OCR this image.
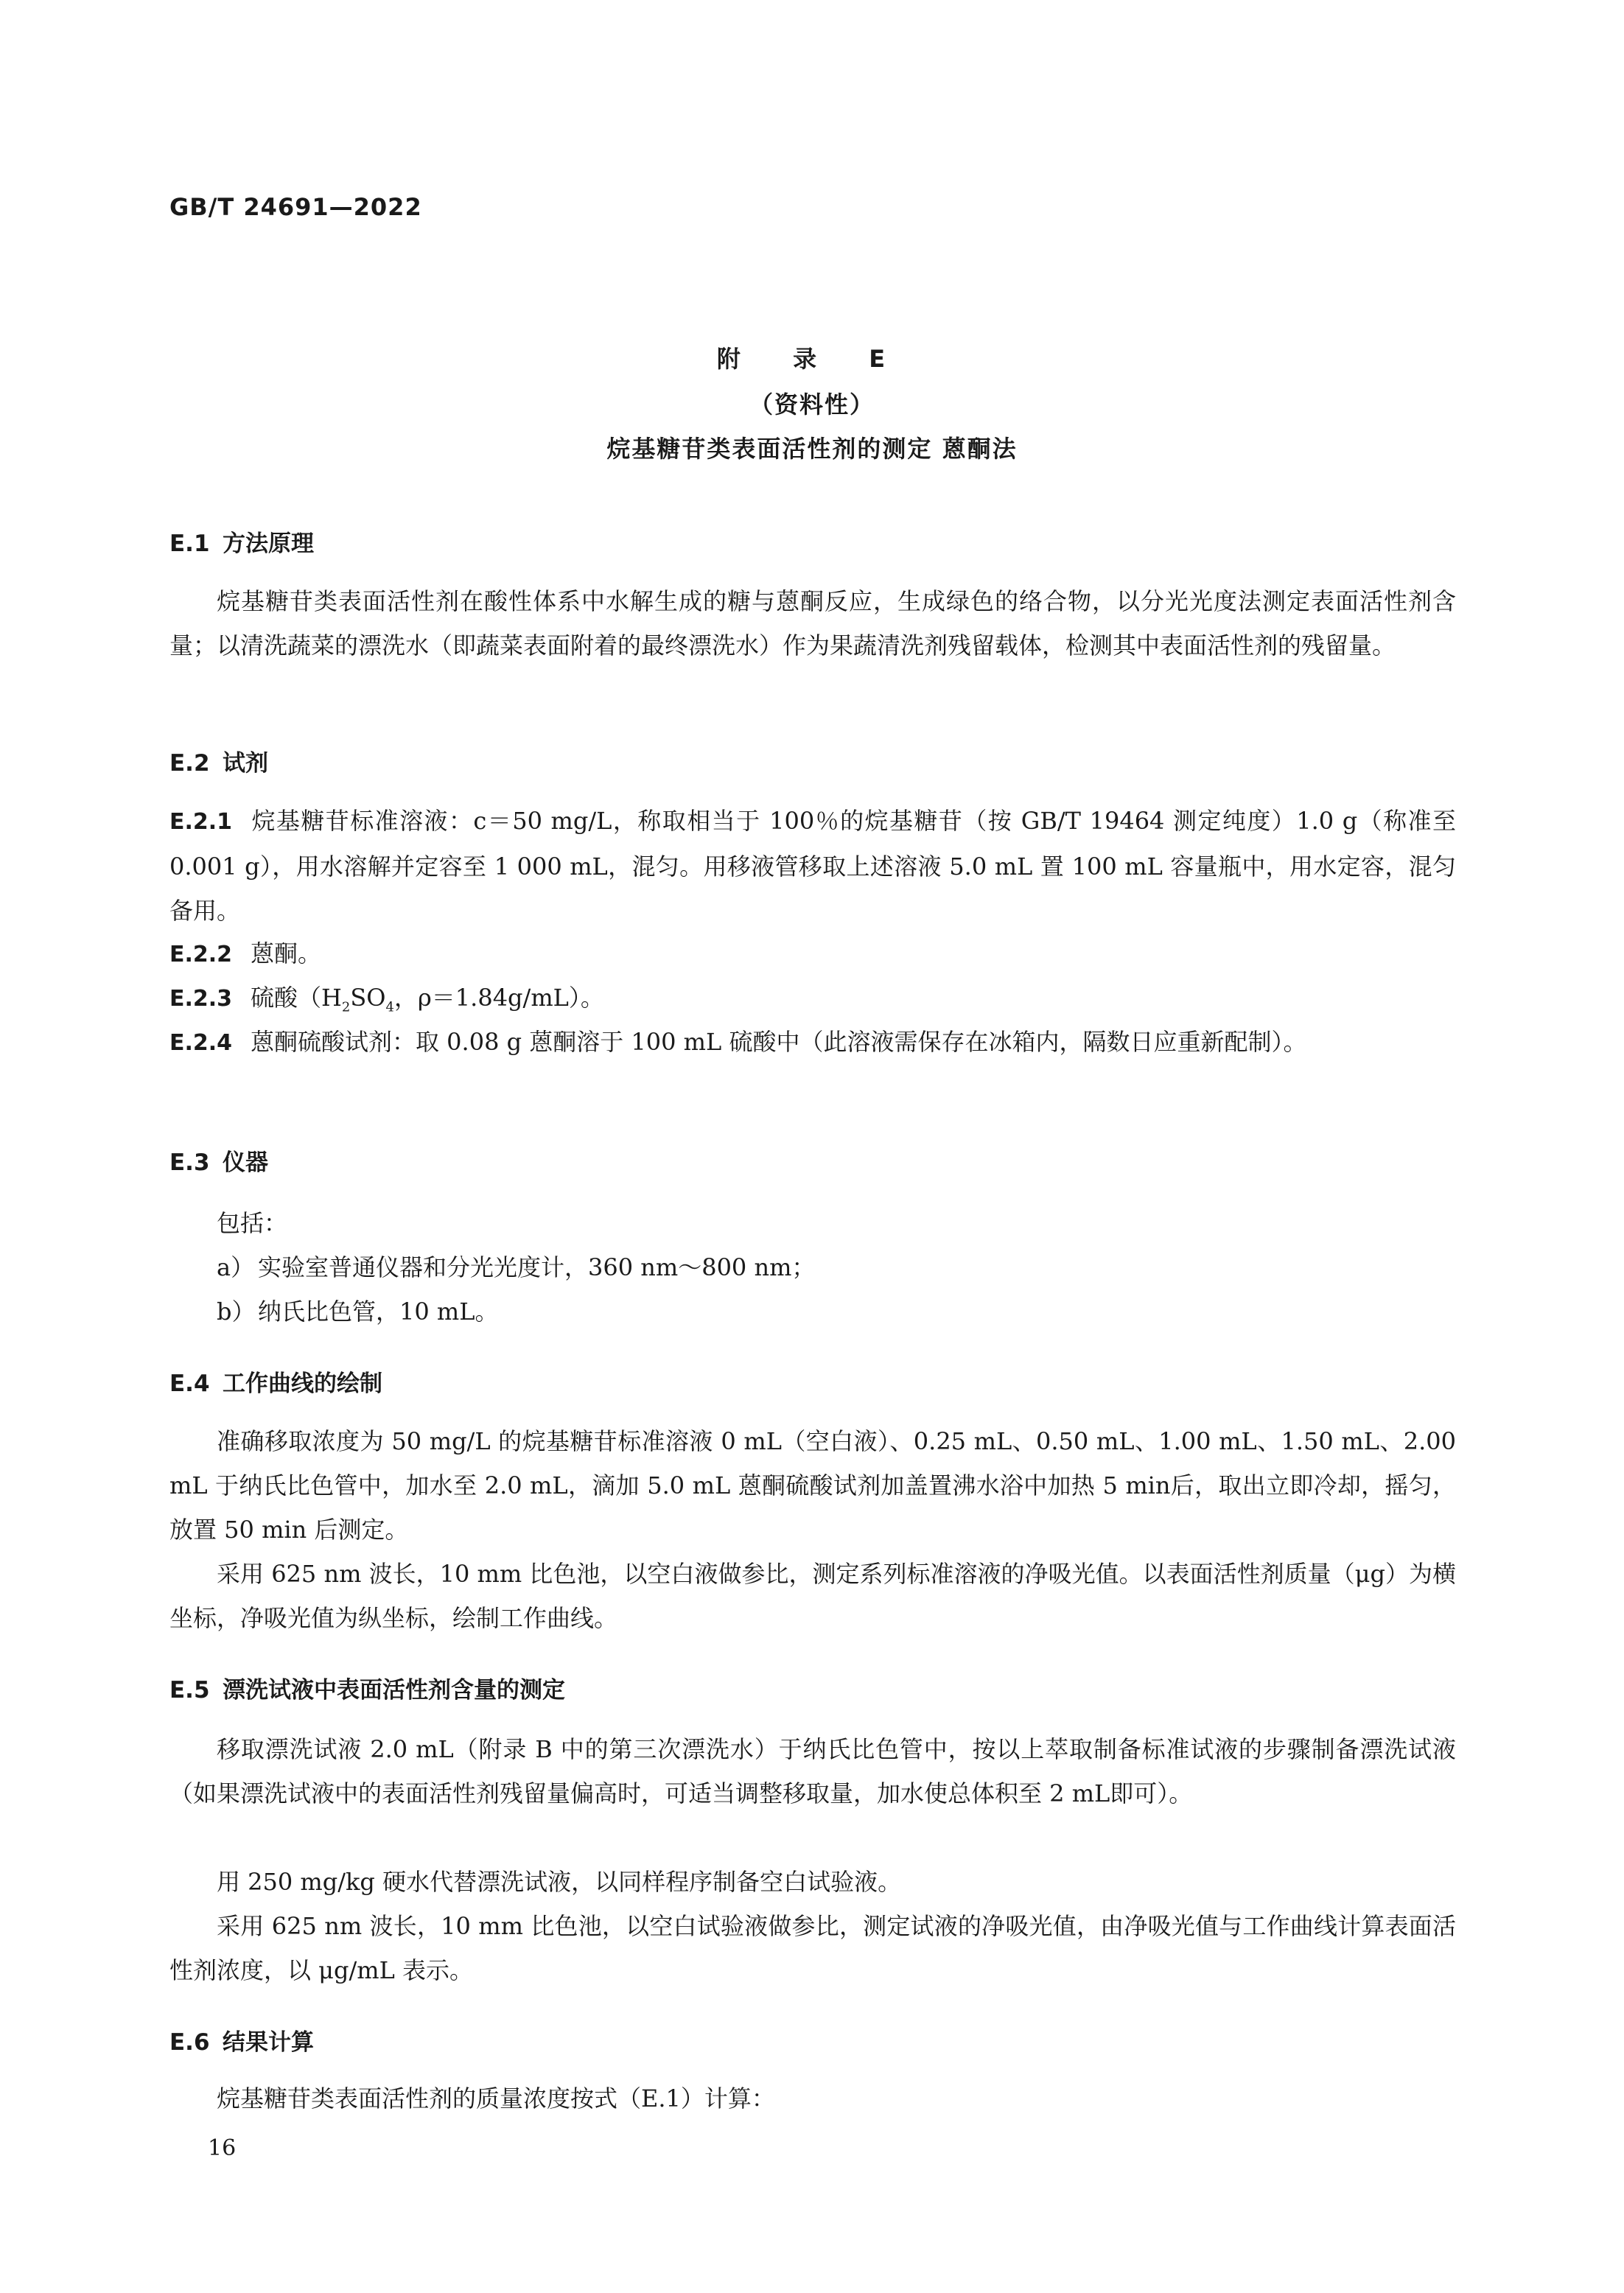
GB/T 24691—2022
附 录 E
（资料性）
烷基糖苷类表面活性剂的测定 蒽酮法
E.1 方法原理
烷基糖苷类表面活性剂在酸性体系中水解生成的糖与蒽酮反应，生成绿色的络合物，以分光光度法测定表面活性剂含量；以清洗蔬菜的漂洗水（即蔬菜表面附着的最终漂洗水）作为果蔬清洗剂残留载体，检测其中表面活性剂的残留量。
E.2 试剂
E.2.1 烷基糖苷标准溶液：c＝50 mg/L，称取相当于 100％的烷基糖苷（按 GB/T 19464 测定纯度）1.0 g（称准至 0.001 g），用水溶解并定容至 1 000 mL，混匀。用移液管移取上述溶液 5.0 mL 置 100 mL 容量瓶中，用水定容，混匀备用。
E.2.2 蒽酮。
E.2.3 硫酸（$H_2SO_4$，ρ＝1.84g/mL）。
E.2.4 蒽酮硫酸试剂：取 0.08 g 蒽酮溶于 100 mL 硫酸中（此溶液需保存在冰箱内，隔数日应重新配制）。
E.3 仪器
包括：
a） 实验室普通仪器和分光光度计，360 nm～800 nm；
b） 纳氏比色管，10 mL。
E.4 工作曲线的绘制
准确移取浓度为 50 mg/L 的烷基糖苷标准溶液 0 mL（空白液）、0.25 mL、0.50 mL、1.00 mL、1.50 mL、2.00 mL 于纳氏比色管中，加水至 2.0 mL，滴加 5.0 mL 蒽酮硫酸试剂加盖置沸水浴中加热 5 min后，取出立即冷却，摇匀，放置 50 min 后测定。
采用 625 nm 波长，10 mm 比色池，以空白液做参比，测定系列标准溶液的净吸光值。以表面活性剂质量（μg）为横坐标，净吸光值为纵坐标，绘制工作曲线。
E.5 漂洗试液中表面活性剂含量的测定
移取漂洗试液 2.0 mL（附录 B 中的第三次漂洗水）于纳氏比色管中，按以上萃取制备标准试液的步骤制备漂洗试液（如果漂洗试液中的表面活性剂残留量偏高时，可适当调整移取量，加水使总体积至 2 mL即可）。
用 250 mg/kg 硬水代替漂洗试液，以同样程序制备空白试验液。
采用 625 nm 波长，10 mm 比色池，以空白试验液做参比，测定试液的净吸光值，由净吸光值与工作曲线计算表面活性剂浓度，以 μg/mL 表示。
E.6 结果计算
烷基糖苷类表面活性剂的质量浓度按式（E.1）计算：
16
